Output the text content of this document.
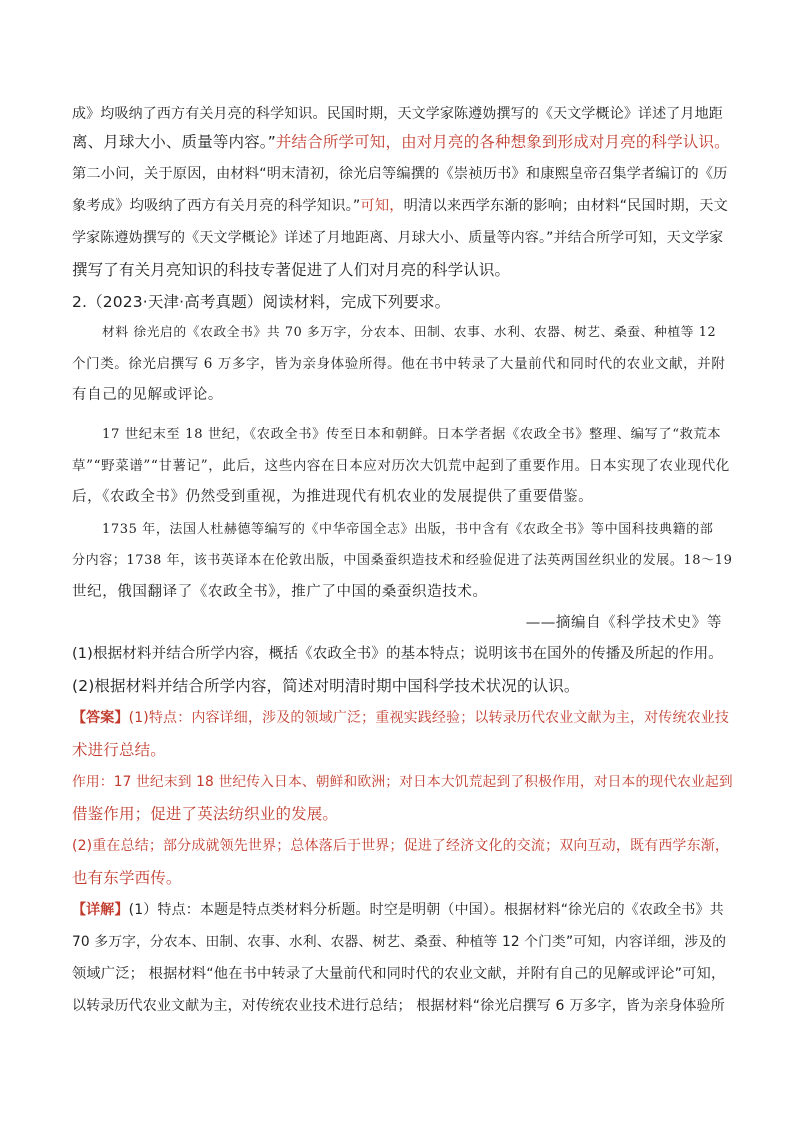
成》均吸纳了西方有关月亮的科学知识。民国时期，天文学家陈遵妫撰写的《天文学概论》详述了月地距
离、月球大小、质量等内容。”并结合所学可知，由对月亮的各种想象到形成对月亮的科学认识。
第二小问，关于原因，由材料“明末清初，徐光启等编撰的《崇祯历书》和康熙皇帝召集学者编订的《历
象考成》均吸纳了西方有关月亮的科学知识。”可知，明清以来西学东渐的影响；由材料“民国时期，天文
学家陈遵妫撰写的《天文学概论》详述了月地距离、月球大小、质量等内容。”并结合所学可知，天文学家
撰写了有关月亮知识的科技专著促进了人们对月亮的科学认识。
2.（2023·天津·高考真题）阅读材料，完成下列要求。
材料 徐光启的《农政全书》共 70 多万字，分农本、田制、农事、水利、农器、树艺、桑蚕、种植等 12
个门类。徐光启撰写 6 万多字，皆为亲身体验所得。他在书中转录了大量前代和同时代的农业文献，并附
有自己的见解或评论。
17 世纪末至 18 世纪，《农政全书》传至日本和朝鲜。日本学者据《农政全书》整理、编写了“救荒本
草”“野菜谱”“甘薯记”，此后，这些内容在日本应对历次大饥荒中起到了重要作用。日本实现了农业现代化
后，《农政全书》仍然受到重视，为推进现代有机农业的发展提供了重要借鉴。
1735 年，法国人杜赫德等编写的《中华帝国全志》出版，书中含有《农政全书》等中国科技典籍的部
分内容；1738 年，该书英译本在伦敦出版，中国桑蚕织造技术和经验促进了法英两国丝织业的发展。18～19
世纪，俄国翻译了《农政全书》，推广了中国的桑蚕织造技术。
——摘编自《科学技术史》等
(1)根据材料并结合所学内容，概括《农政全书》的基本特点；说明该书在国外的传播及所起的作用。
(2)根据材料并结合所学内容，简述对明清时期中国科学技术状况的认识。
【答案】(1)特点：内容详细，涉及的领域广泛；重视实践经验；以转录历代农业文献为主，对传统农业技
术进行总结。
作用：17 世纪末到 18 世纪传入日本、朝鲜和欧洲；对日本大饥荒起到了积极作用，对日本的现代农业起到
借鉴作用；促进了英法纺织业的发展。
(2)重在总结；部分成就领先世界；总体落后于世界；促进了经济文化的交流；双向互动，既有西学东渐，
也有东学西传。
【详解】(1）特点：本题是特点类材料分析题。时空是明朝（中国）。根据材料“徐光启的《农政全书》共
70 多万字，分农本、田制、农事、水利、农器、树艺、桑蚕、种植等 12 个门类”可知，内容详细，涉及的
领域广泛； 根据材料“他在书中转录了大量前代和同时代的农业文献，并附有自己的见解或评论”可知，
以转录历代农业文献为主，对传统农业技术进行总结； 根据材料“徐光启撰写 6 万多字，皆为亲身体验所
